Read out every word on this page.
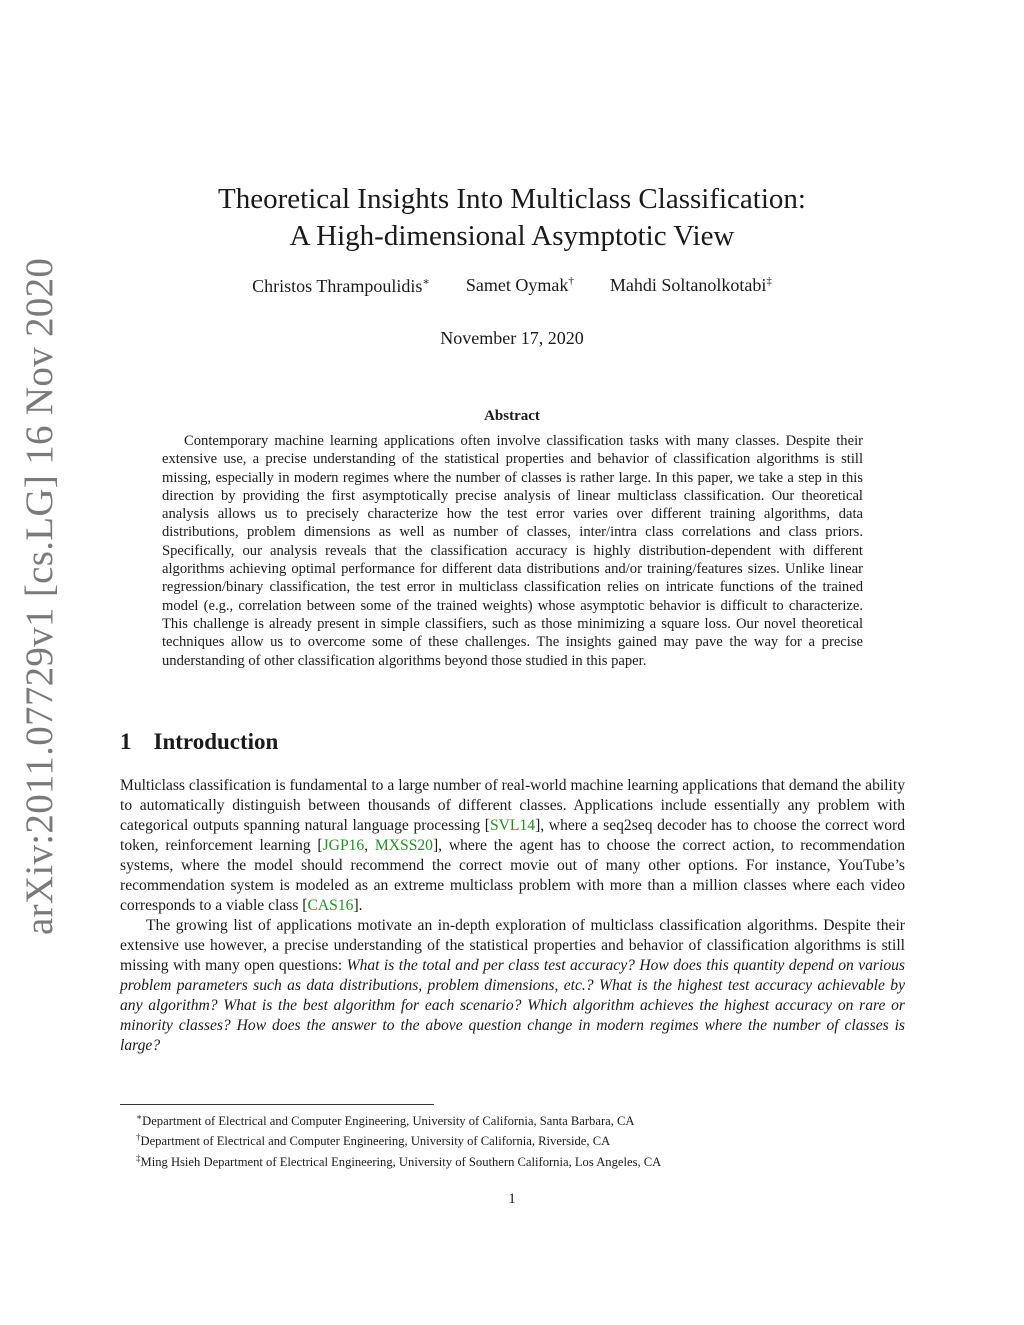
arXiv:2011.07729v1 [cs.LG] 16 Nov 2020
Theoretical Insights Into Multiclass Classification:
A High-dimensional Asymptotic View
Christos Thrampoulidis∗ Samet Oymak† Mahdi Soltanolkotabi‡
November 17, 2020
Abstract

Contemporary machine learning applications often involve classification tasks with many classes. Despite their extensive use, a precise understanding of the statistical properties and behavior of classification algorithms is still missing, especially in modern regimes where the number of classes is rather large. In this paper, we take a step in this direction by providing the first asymptotically precise analysis of linear multiclass classification. Our theoretical analysis allows us to precisely characterize how the test error varies over different training algorithms, data distributions, problem dimensions as well as number of classes, inter/intra class correlations and class priors. Specifically, our analysis reveals that the classification accuracy is highly distribution-dependent with different algorithms achieving optimal performance for different data distributions and/or training/features sizes. Unlike linear regression/binary classification, the test error in multiclass classification relies on intricate functions of the trained model (e.g., correlation between some of the trained weights) whose asymptotic behavior is difficult to characterize. This challenge is already present in simple classifiers, such as those minimizing a square loss. Our novel theoretical techniques allow us to overcome some of these challenges. The insights gained may pave the way for a precise understanding of other classification algorithms beyond those studied in this paper.

1 Introduction

Multiclass classification is fundamental to a large number of real-world machine learning applications that demand the ability to automatically distinguish between thousands of different classes. Applications include essentially any problem with categorical outputs spanning natural language processing [SVL14], where a seq2seq decoder has to choose the correct word token, reinforcement learning [JGP16, MXSS20], where the agent has to choose the correct action, to recommendation systems, where the model should recommend the correct movie out of many other options. For instance, YouTube’s recommendation system is modeled as an extreme multiclass problem with more than a million classes where each video corresponds to a viable class [CAS16].

The growing list of applications motivate an in-depth exploration of multiclass classification algorithms. Despite their extensive use however, a precise understanding of the statistical properties and behavior of classification algorithms is still missing with many open questions: What is the total and per class test accuracy? How does this quantity depend on various problem parameters such as data distributions, problem dimensions, etc.? What is the highest test accuracy achievable by any algorithm? What is the best algorithm for each scenario? Which algorithm achieves the highest accuracy on rare or minority classes? How does the answer to the above question change in modern regimes where the number of classes is large?

∗Department of Electrical and Computer Engineering, University of California, Santa Barbara, CA
†Department of Electrical and Computer Engineering, University of California, Riverside, CA
‡Ming Hsieh Department of Electrical Engineering, University of Southern California, Los Angeles, CA
1
